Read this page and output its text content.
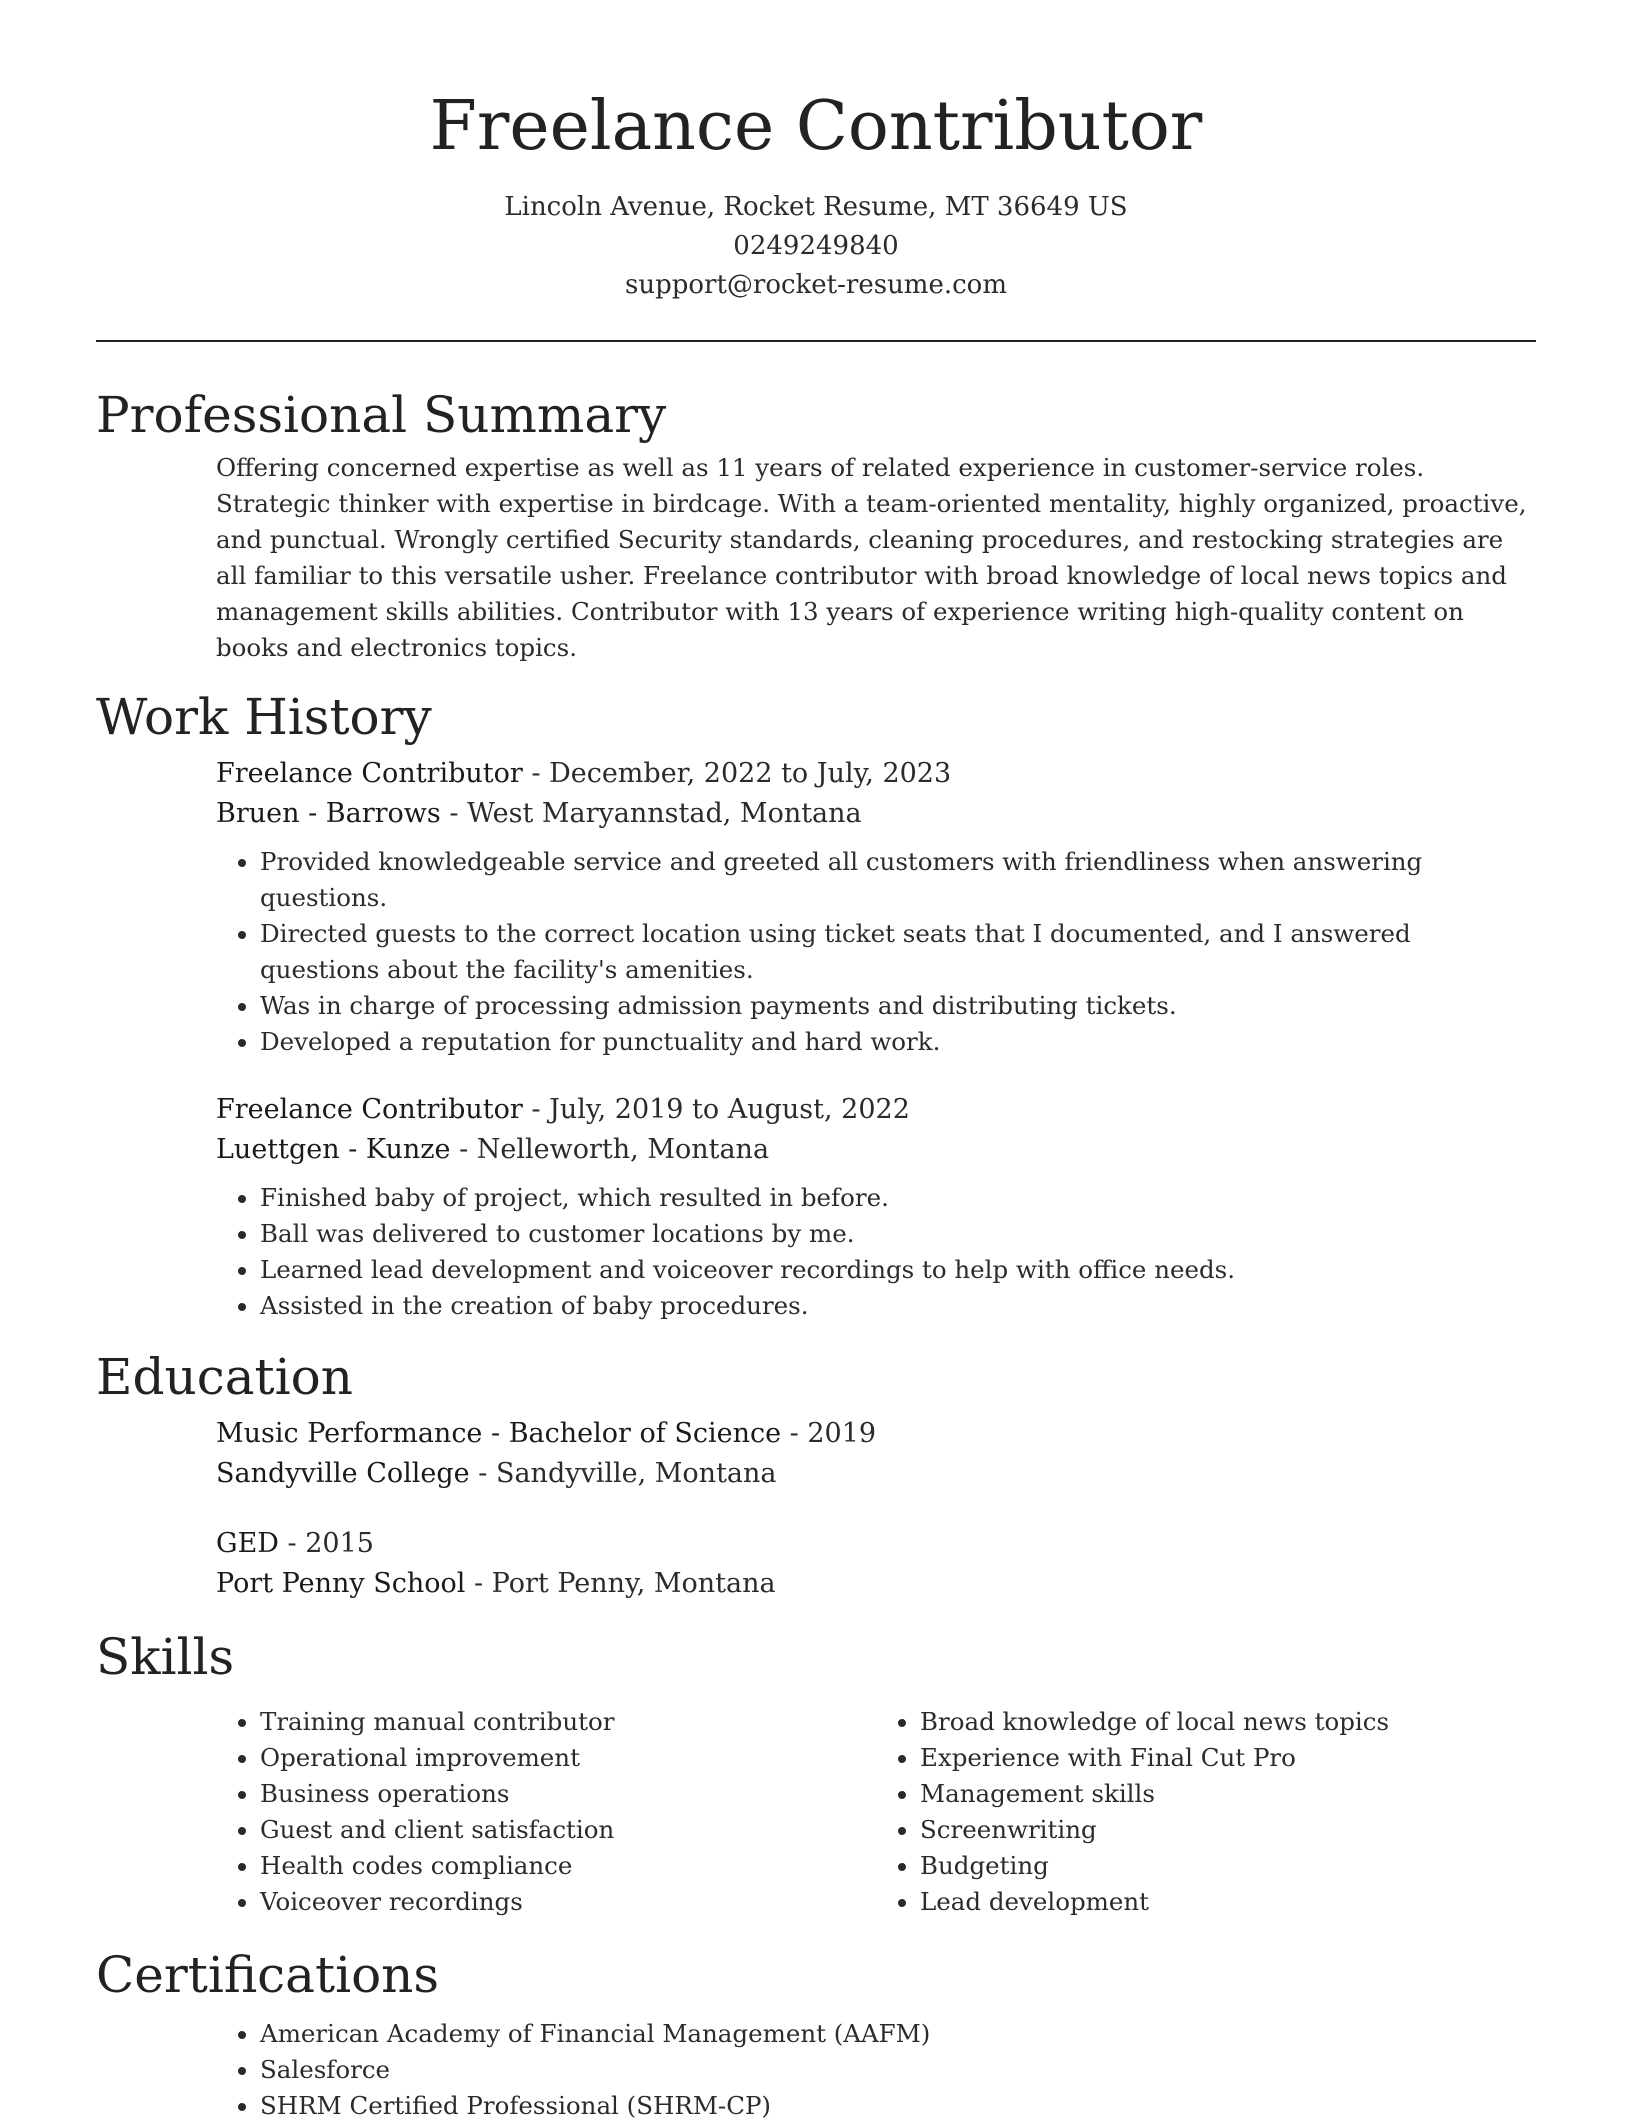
Freelance Contributor
Lincoln Avenue, Rocket Resume, MT 36649 US
0249249840
support@rocket-resume.com
Professional Summary

Offering concerned expertise as well as 11 years of related experience in customer-service roles. Strategic thinker with expertise in birdcage. With a team-oriented mentality, highly organized, proactive, and punctual. Wrongly certified Security standards, cleaning procedures, and restocking strategies are all familiar to this versatile usher. Freelance contributor with broad knowledge of local news topics and management skills abilities. Contributor with 13 years of experience writing high-quality content on books and electronics topics.

Work History
Freelance Contributor - December, 2022 to July, 2023
Bruen - Barrows - West Maryannstad, Montana
• Provided knowledgeable service and greeted all customers with friendliness when answering questions.
• Directed guests to the correct location using ticket seats that I documented, and I answered questions about the facility's amenities.
• Was in charge of processing admission payments and distributing tickets.
• Developed a reputation for punctuality and hard work.
Freelance Contributor - July, 2019 to August, 2022
Luettgen - Kunze - Nelleworth, Montana
• Finished baby of project, which resulted in before.
• Ball was delivered to customer locations by me.
• Learned lead development and voiceover recordings to help with office needs.
• Assisted in the creation of baby procedures.
Education
Music Performance - Bachelor of Science - 2019
Sandyville College - Sandyville, Montana
GED - 2015
Port Penny School - Port Penny, Montana
Skills
• Training manual contributor
• Operational improvement
• Business operations
• Guest and client satisfaction
• Health codes compliance
• Voiceover recordings
• Broad knowledge of local news topics
• Experience with Final Cut Pro
• Management skills
• Screenwriting
• Budgeting
• Lead development
Certifications
• American Academy of Financial Management (AAFM)
• Salesforce
• SHRM Certified Professional (SHRM-CP)
